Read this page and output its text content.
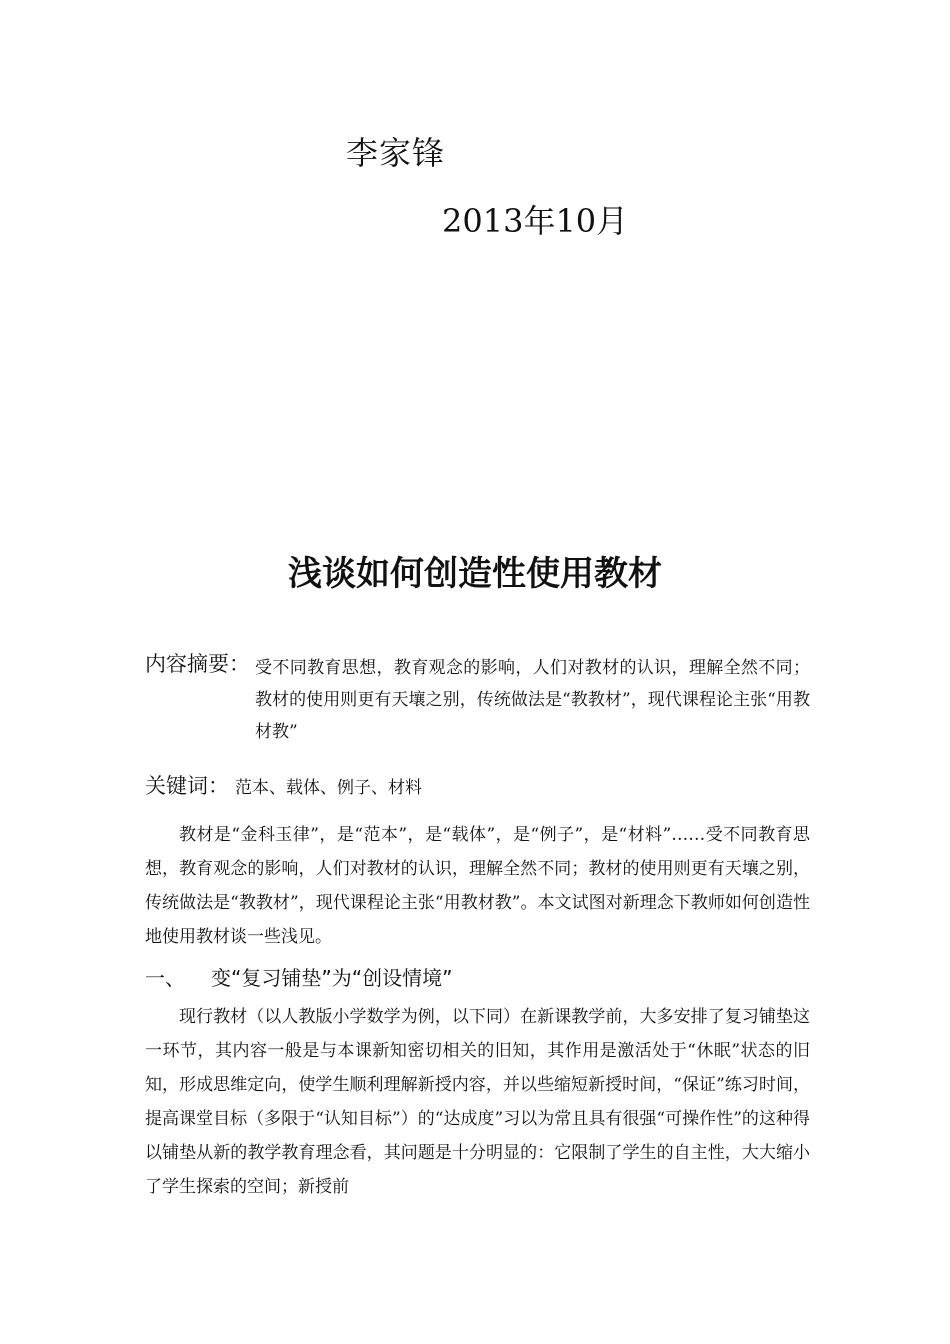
李家锋
2013年10月
浅谈如何创造性使用教材
内容摘要： 受不同教育思想，教育观念的影响，人们对教材的认识，理解全然不同；教材的使用则更有天壤之别，传统做法是“教教材”，现代课程论主张“用教材教”
关键词： 范本、载体、例子、材料
教材是“金科玉律”，是“范本”，是“载体”，是“例子”，是“材料”……受不同教育思想，教育观念的影响，人们对教材的认识，理解全然不同；教材的使用则更有天壤之别，传统做法是“教教材”，现代课程论主张“用教材教”。本文试图对新理念下教师如何创造性地使用教材谈一些浅见。
一、 变“复习铺垫”为“创设情境”
现行教材（以人教版小学数学为例，以下同）在新课教学前，大多安排了复习铺垫这一环节，其内容一般是与本课新知密切相关的旧知，其作用是激活处于“休眠”状态的旧知，形成思维定向，使学生顺利理解新授内容，并以些缩短新授时间，“保证”练习时间，提高课堂目标（多限于“认知目标”）的“达成度”习以为常且具有很强“可操作性”的这种得以铺垫从新的教学教育理念看，其问题是十分明显的：它限制了学生的自主性，大大缩小了学生探索的空间；新授前
